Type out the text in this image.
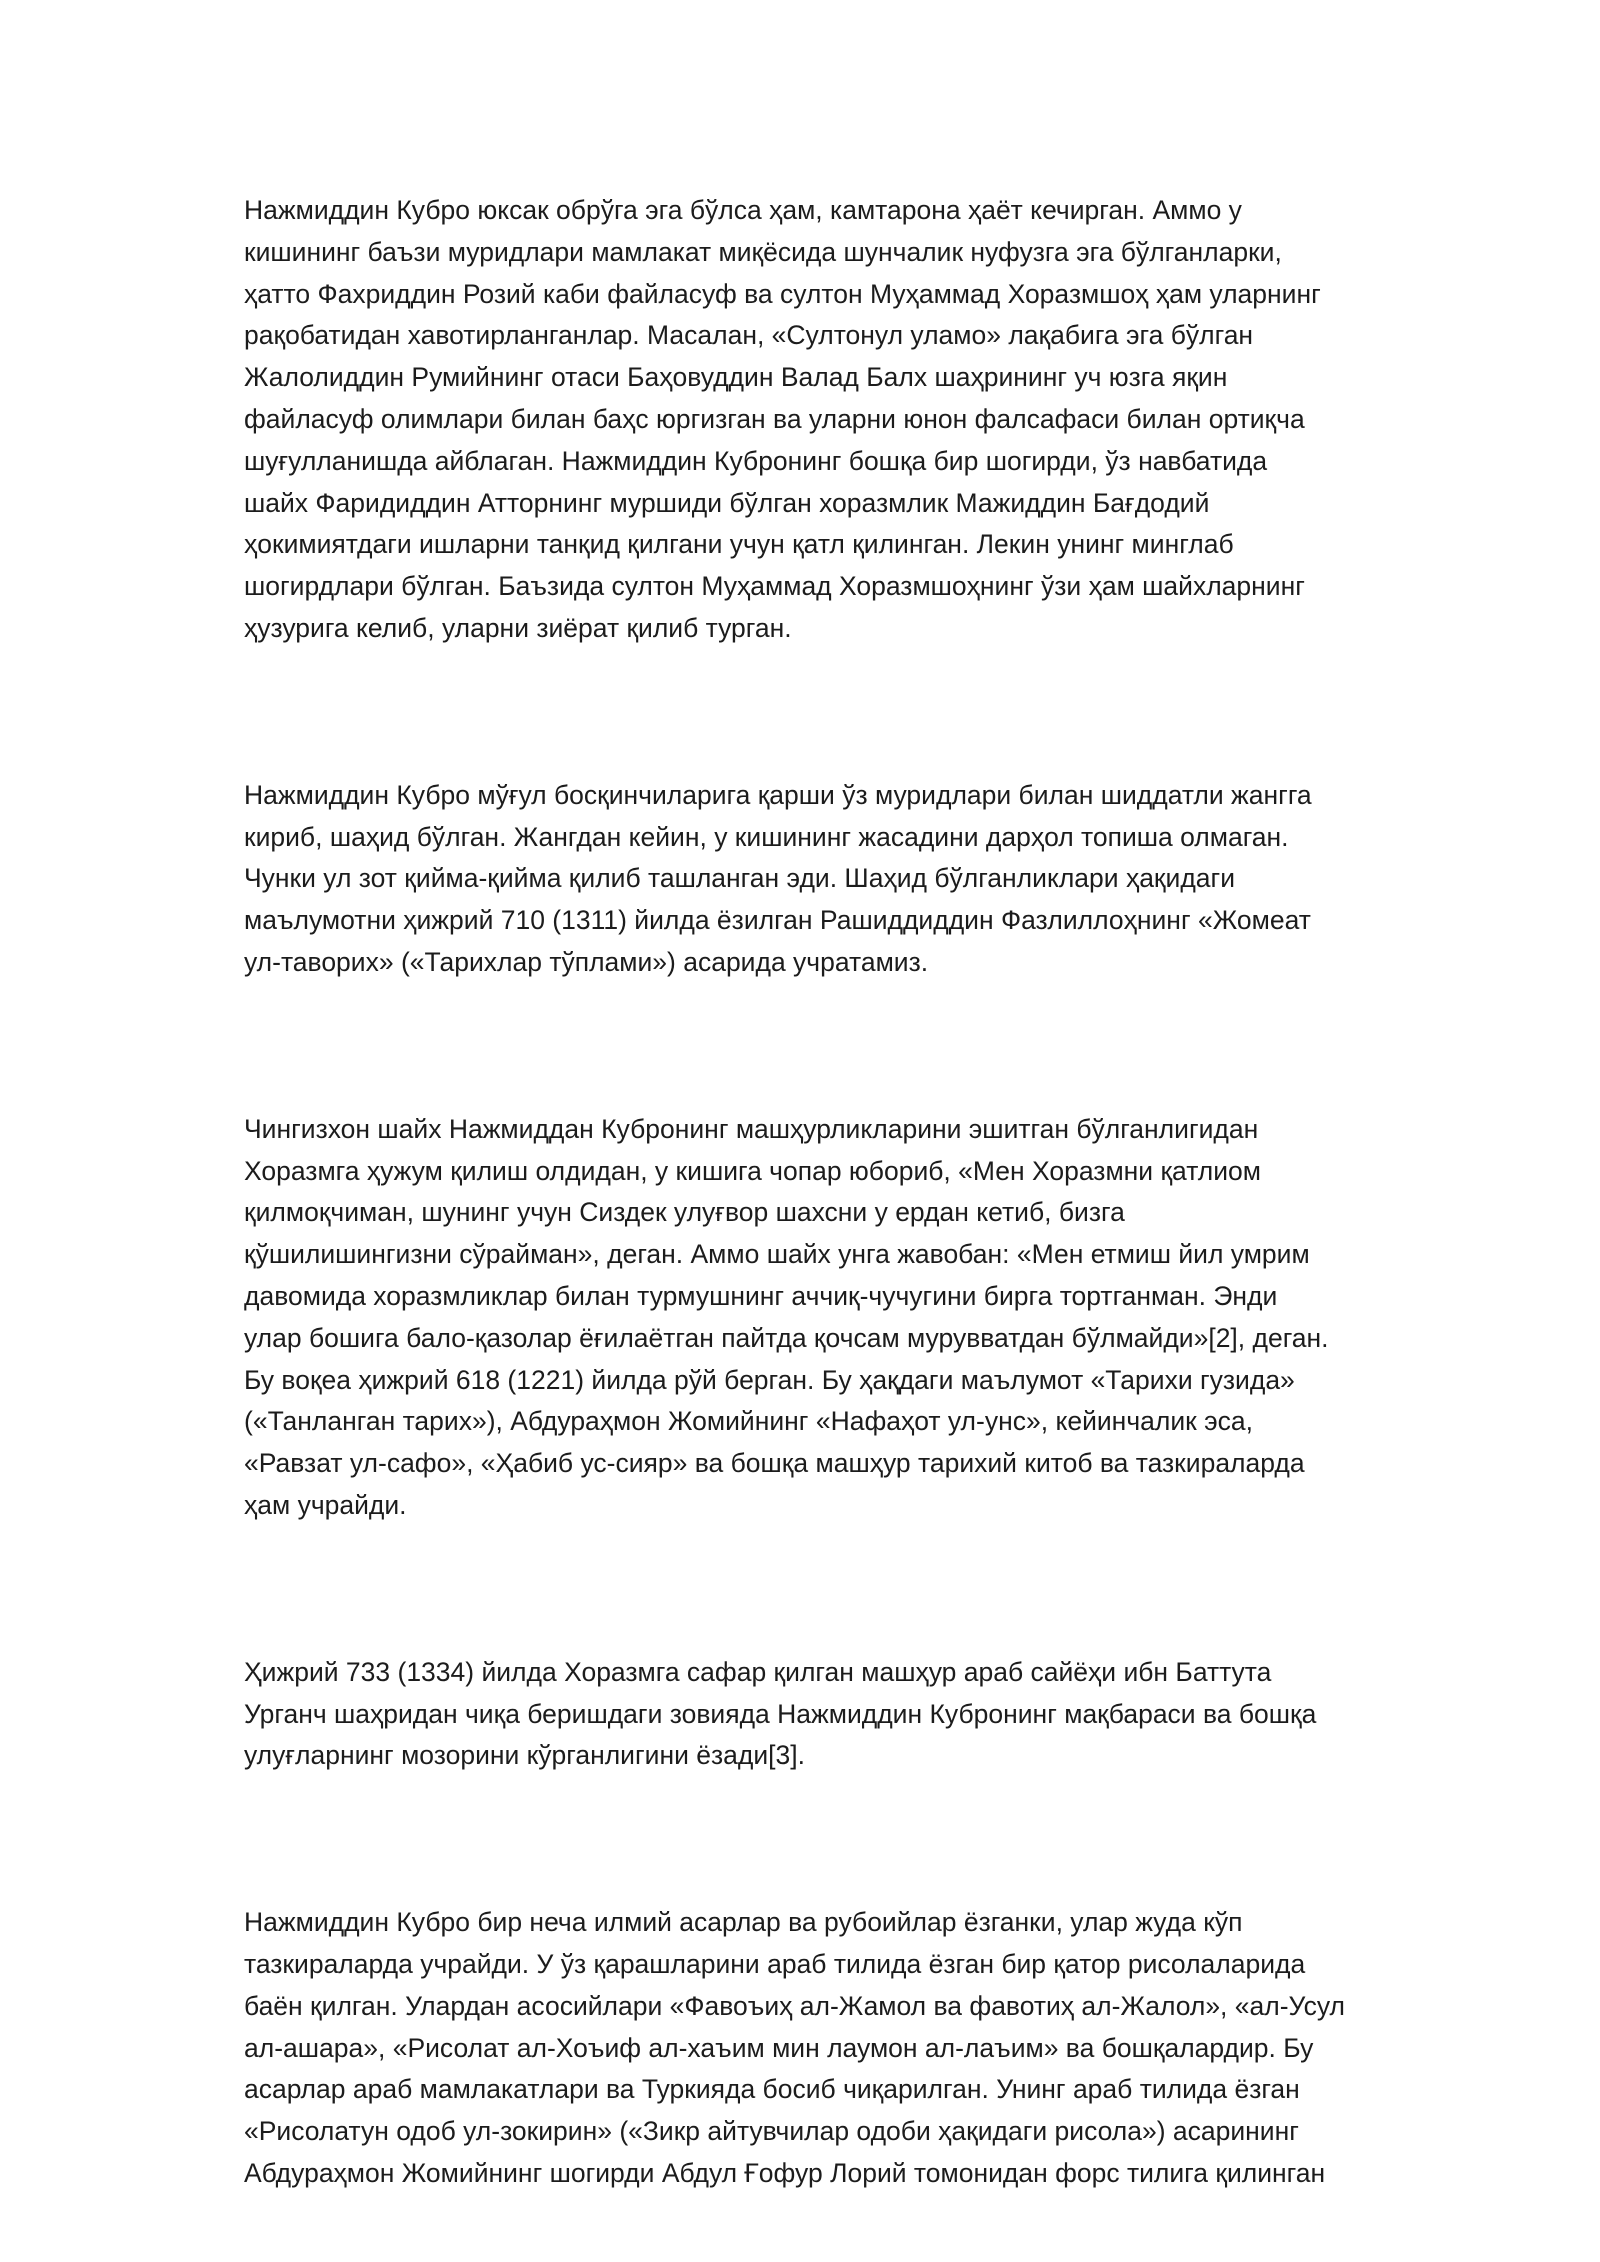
Нажмиддин Кубро юксак обрўга эга бўлса ҳам, камтарона ҳаёт кечирган. Аммо у
кишининг баъзи муридлари мамлакат миқёсида шунчалик нуфузга эга бўлганларки,
ҳатто Фахриддин Розий каби файласуф ва султон Муҳаммад Хоразмшоҳ ҳам уларнинг
рақобатидан хавотирланганлар. Масалан, «Султонул уламо» лақабига эга бўлган
Жалолиддин Румийнинг отаси Баҳовуддин Валад Балх шаҳрининг уч юзга яқин
файласуф олимлари билан баҳс юргизган ва уларни юнон фалсафаси билан ортиқча
шуғулланишда айблаган. Нажмиддин Кубронинг бошқа бир шогирди, ўз навбатида
шайх Фаридиддин Атторнинг муршиди бўлган хоразмлик Мажиддин Бағдодий
ҳокимиятдаги ишларни танқид қилгани учун қатл қилинган. Лекин унинг минглаб
шогирдлари бўлган. Баъзида султон Муҳаммад Хоразмшоҳнинг ўзи ҳам шайхларнинг
ҳузурига келиб, уларни зиёрат қилиб турган.

Нажмиддин Кубро мўғул босқинчиларига қарши ўз муридлари билан шиддатли жангга
кириб, шаҳид бўлган. Жангдан кейин, у кишининг жасадини дарҳол топиша олмаган.
Чунки ул зот қийма-қийма қилиб ташланган эди. Шаҳид бўлганликлари ҳақидаги
маълумотни ҳижрий 710 (1311) йилда ёзилган Рашиддиддин Фазлиллоҳнинг «Жомеат
ул-таворих» («Тарихлар тўплами») асарида учратамиз.

Чингизхон шайх Нажмиддан Кубронинг машҳурликларини эшитган бўлганлигидан
Хоразмга ҳужум қилиш олдидан, у кишига чопар юбориб, «Мен Хоразмни қатлиом
қилмоқчиман, шунинг учун Сиздек улуғвор шахсни у ердан кетиб, бизга
қўшилишингизни сўрайман», деган. Аммо шайх унга жавобан: «Мен етмиш йил умрим
давомида хоразмликлар билан турмушнинг аччиқ-чучугини бирга тортганман. Энди
улар бошига бало-қазолар ёғилаётган пайтда қочсам мурувватдан бўлмайди»[2], деган.
Бу воқеа ҳижрий 618 (1221) йилда рўй берган. Бу ҳақдаги маълумот «Тарихи гузида»
(«Танланган тарих»), Абдураҳмон Жомийнинг «Нафаҳот ул-унс», кейинчалик эса,
«Равзат ул-сафо», «Ҳабиб ус-сияр» ва бошқа машҳур тарихий китоб ва тазкираларда
ҳам учрайди.

Ҳижрий 733 (1334) йилда Хоразмга сафар қилган машҳур араб сайёҳи ибн Баттута
Урганч шаҳридан чиқа беришдаги зовияда Нажмиддин Кубронинг мақбараси ва бошқа
улуғларнинг мозорини кўрганлигини ёзади[3].

Нажмиддин Кубро бир неча илмий асарлар ва рубоийлар ёзганки, улар жуда кўп
тазкираларда учрайди. У ўз қарашларини араб тилида ёзган бир қатор рисолаларида
баён қилган. Улардан асосийлари «Фавоъиҳ ал-Жамол ва фавотиҳ ал-Жалол», «ал-Усул
ал-ашара», «Рисолат ал-Хоъиф ал-хаъим мин лаумон ал-лаъим» ва бошқалардир. Бу
асарлар араб мамлакатлари ва Туркияда босиб чиқарилган. Унинг араб тилида ёзган
«Рисолатун одоб ул-зокирин» («Зикр айтувчилар одоби ҳақидаги рисола») асарининг
Абдураҳмон Жомийнинг шогирди Абдул Ғофур Лорий томонидан форс тилига қилинган
